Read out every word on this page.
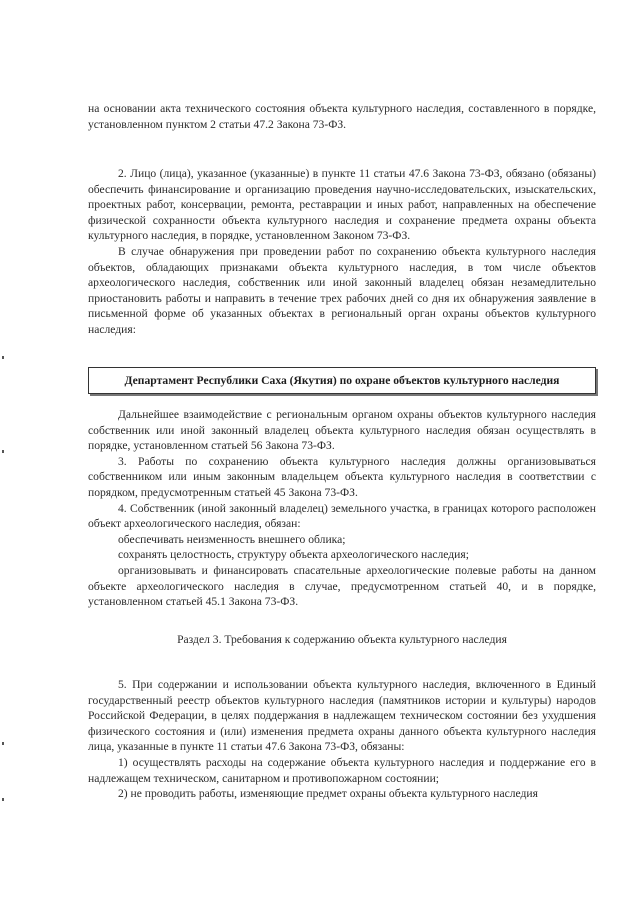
на основании акта технического состояния объекта культурного наследия, составленного в порядке, установленном пунктом 2 статьи 47.2 Закона 73-ФЗ.

2. Лицо (лица), указанное (указанные) в пункте 11 статьи 47.6 Закона 73-ФЗ, обязано (обязаны) обеспечить финансирование и организацию проведения научно-исследовательских, изыскательских, проектных работ, консервации, ремонта, реставрации и иных работ, направленных на обеспечение физической сохранности объекта культурного наследия и сохранение предмета охраны объекта культурного наследия, в порядке, установленном Законом 73-ФЗ.

В случае обнаружения при проведении работ по сохранению объекта культурного наследия объектов, обладающих признаками объекта культурного наследия, в том числе объектов археологического наследия, собственник или иной законный владелец обязан незамедлительно приостановить работы и направить в течение трех рабочих дней со дня их обнаружения заявление в письменной форме об указанных объектах в региональный орган охраны объектов культурного наследия:

Департамент Республики Саха (Якутия) по охране объектов культурного наследия

Дальнейшее взаимодействие с региональным органом охраны объектов культурного наследия собственник или иной законный владелец объекта культурного наследия обязан осуществлять в порядке, установленном статьей 56 Закона 73-ФЗ.

3. Работы по сохранению объекта культурного наследия должны организовываться собственником или иным законным владельцем объекта культурного наследия в соответствии с порядком, предусмотренным статьей 45 Закона 73-ФЗ.

4. Собственник (иной законный владелец) земельного участка, в границах которого расположен объект археологического наследия, обязан:

обеспечивать неизменность внешнего облика;

сохранять целостность, структуру объекта археологического наследия;

организовывать и финансировать спасательные археологические полевые работы на данном объекте археологического наследия в случае, предусмотренном статьей 40, и в порядке, установленном статьей 45.1 Закона 73-ФЗ.

Раздел 3. Требования к содержанию объекта культурного наследия

5. При содержании и использовании объекта культурного наследия, включенного в Единый государственный реестр объектов культурного наследия (памятников истории и культуры) народов Российской Федерации, в целях поддержания в надлежащем техническом состоянии без ухудшения физического состояния и (или) изменения предмета охраны данного объекта культурного наследия лица, указанные в пункте 11 статьи 47.6 Закона 73-ФЗ, обязаны:

1) осуществлять расходы на содержание объекта культурного наследия и поддержание его в надлежащем техническом, санитарном и противопожарном состоянии;

2) не проводить работы, изменяющие предмет охраны объекта культурного наследия
